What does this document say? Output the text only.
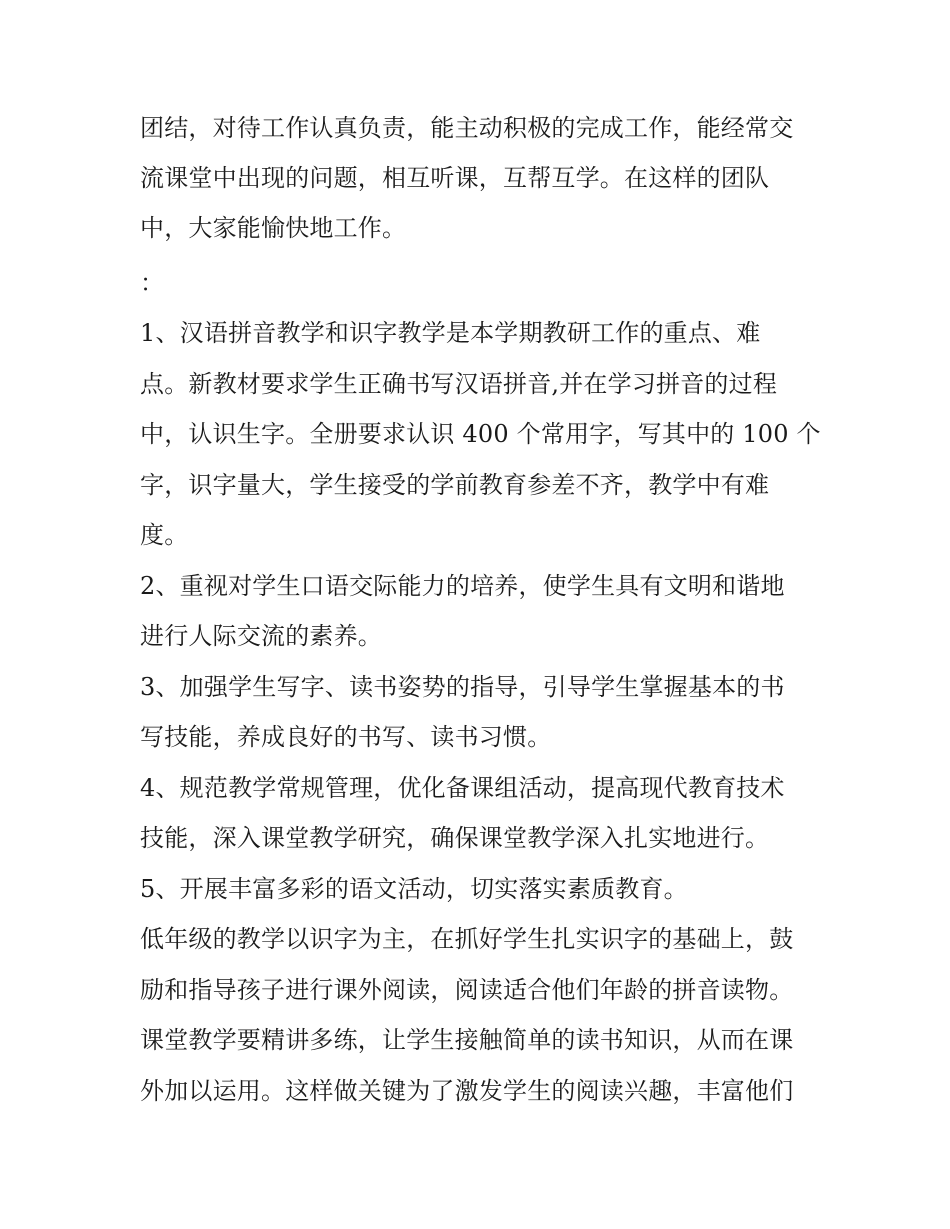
团结，对待工作认真负责，能主动积极的完成工作，能经常交
流课堂中出现的问题，相互听课，互帮互学。在这样的团队
中，大家能愉快地工作。
：
1、汉语拼音教学和识字教学是本学期教研工作的重点、难
点。新教材要求学生正确书写汉语拼音,并在学习拼音的过程
中，认识生字。全册要求认识 400 个常用字，写其中的 100 个
字，识字量大，学生接受的学前教育参差不齐，教学中有难
度。
2、重视对学生口语交际能力的培养，使学生具有文明和谐地
进行人际交流的素养。
3、加强学生写字、读书姿势的指导，引导学生掌握基本的书
写技能，养成良好的书写、读书习惯。
4、规范教学常规管理，优化备课组活动，提高现代教育技术
技能，深入课堂教学研究，确保课堂教学深入扎实地进行。
5、开展丰富多彩的语文活动，切实落实素质教育。
低年级的教学以识字为主，在抓好学生扎实识字的基础上，鼓
励和指导孩子进行课外阅读，阅读适合他们年龄的拼音读物。
课堂教学要精讲多练，让学生接触简单的读书知识，从而在课
外加以运用。这样做关键为了激发学生的阅读兴趣，丰富他们
